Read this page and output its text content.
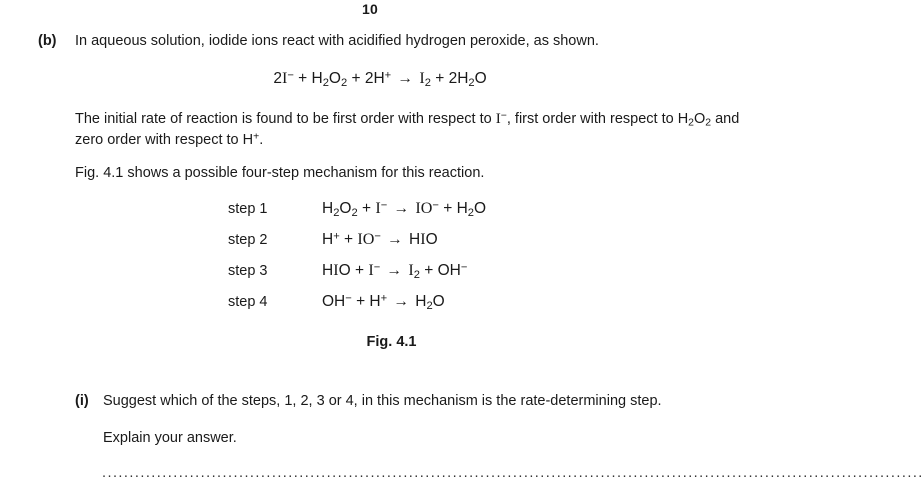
10
(b)	In aqueous solution, iodide ions react with acidified hydrogen peroxide, as shown.
$2I^- + H_2O_2 + 2H^+ \to I_2 + 2H_2O$
The initial rate of reaction is found to be first order with respect to I−, first order with respect to $H_2O_2$ and zero order with respect to H+.
Fig. 4.1 shows a possible four-step mechanism for this reaction.
step 1	$H_2O_2 + I^- \to IO^- + H_2O$
step 2	H+ + IO− → HIO
step 3	HIO + $I^- \to I_2 + OH^-$
step 4	$OH^- + H^+ \to H_2O$
Fig. 4.1
(i) Suggest which of the steps, 1, 2, 3 or 4, in this mechanism is the rate-determining step.
Explain your answer.
......................................................................................................................................................
